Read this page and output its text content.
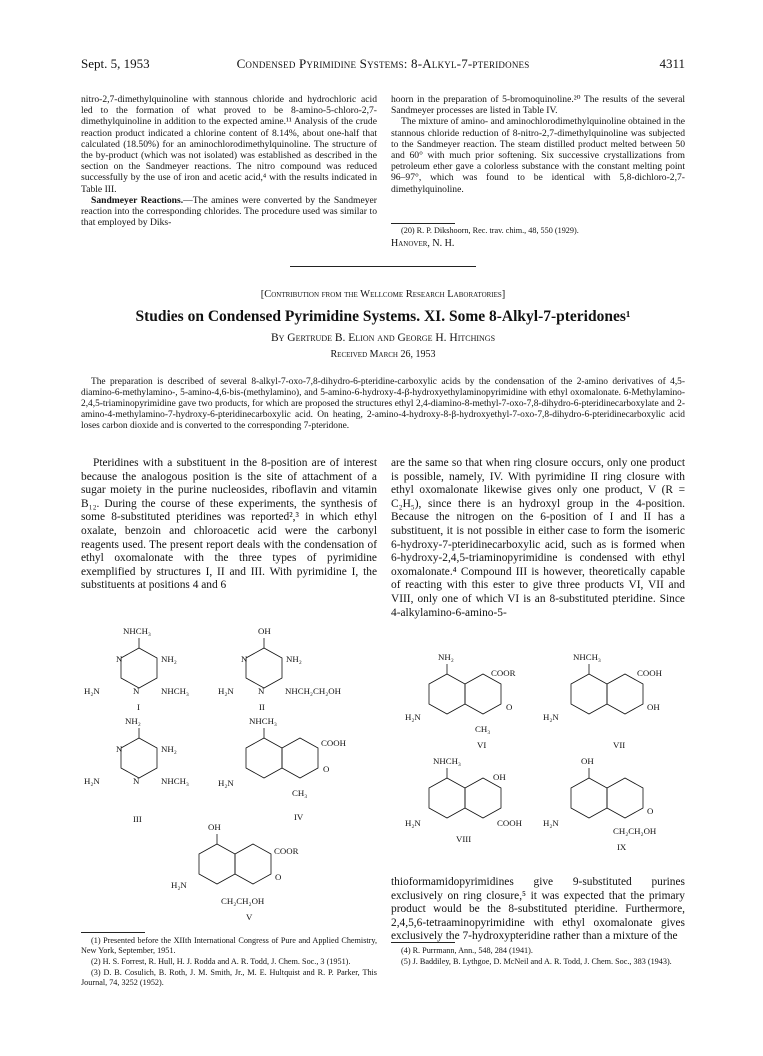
Sept. 5, 1953	Condensed Pyrimidine Systems: 8-Alkyl-7-pteridones	4311

nitro-2,7-dimethylquinoline with stannous chloride and hydrochloric acid led to the formation of what proved to be 8-amino-5-chloro-2,7-dimethylquinoline in addition to the expected amine.¹¹ Analysis of the crude reaction product indicated a chlorine content of 8.14%, about one-half that calculated (18.50%) for an aminochlorodimethylquinoline. The structure of the by-product (which was not isolated) was established as described in the section on the Sandmeyer reactions. The nitro compound was reduced successfully by the use of iron and acetic acid,⁴ with the results indicated in Table III.

Sandmeyer Reactions.—The amines were converted by the Sandmeyer reaction into the corresponding chlorides. The procedure used was similar to that employed by Diks-

hoorn in the preparation of 5-bromoquinoline.²⁰ The results of the several Sandmeyer processes are listed in Table IV.

The mixture of amino- and aminochlorodimethylquinoline obtained in the stannous chloride reduction of 8-nitro-2,7-dimethylquinoline was subjected to the Sandmeyer reaction. The steam distilled product melted between 50 and 60° with much prior softening. Six successive crystallizations from petroleum ether gave a colorless substance with the constant melting point 96–97°, which was found to be identical with 5,8-dichloro-2,7-dimethylquinoline.

(20) R. P. Dikshoorn, Rec. trav. chim., 48, 550 (1929).

Hanover, N. H.
[Contribution from the Wellcome Research Laboratories]
Studies on Condensed Pyrimidine Systems. XI. Some 8-Alkyl-7-pteridones¹
By Gertrude B. Elion and George H. Hitchings
Received March 26, 1953

The preparation is described of several 8-alkyl-7-oxo-7,8-dihydro-6-pteridine-carboxylic acids by the condensation of the 2-amino derivatives of 4,5-diamino-6-methylamino-, 5-amino-4,6-bis-(methylamino), and 5-amino-6-hydroxy-4-β-hydroxyethylaminopyrimidine with ethyl oxomalonate. 6-Methylamino-2,4,5-triaminopyrimidine gave two products, for which are proposed the structures ethyl 2,4-diamino-8-methyl-7-oxo-7,8-dihydro-6-pteridinecarboxylate and 2-amino-4-methylamino-7-hydroxy-6-pteridinecarboxylic acid. On heating, 2-amino-4-hydroxy-8-β-hydroxyethyl-7-oxo-7,8-dihydro-6-pteridinecarboxylic acid loses carbon dioxide and is converted to the corresponding 7-pteridone.

Pteridines with a substituent in the 8-position are of interest because the analogous position is the site of attachment of a sugar moiety in the purine nucleosides, riboflavin and vitamin B₁₂. During the course of these experiments, the synthesis of some 8-substituted pteridines was reported²,³ in which ethyl oxalate, benzoin and chloroacetic acid were the carbonyl reagents used. The present report deals with the condensation of ethyl oxomalonate with the three types of pyrimidine exemplified by structures I, II and III. With pyrimidine I, the substituents at positions 4 and 6

are the same so that when ring closure occurs, only one product is possible, namely, IV. With pyrimidine II ring closure with ethyl oxomalonate likewise gives only one product, V (R = C₂H₅), since there is an hydroxyl group in the 4-position. Because the nitrogen on the 6-position of I and II has a substituent, it is not possible in either case to form the isomeric 6-hydroxy-7-pteridinecarboxylic acid, such as is formed when 6-hydroxy-2,4,5-triaminopyrimidine is condensed with ethyl oxomalonate.⁴ Compound III is however, theoretically capable of reacting with this ester to give three products VI, VII and VIII, only one of which VI is an 8-substituted pteridine. Since 4-alkylamino-6-amino-5-

NHCH₃
N
N
NH₂
H₂N	NHCH₃
I
OH
N
N
NH₂
H₂N	NHCH₂CH₂OH
II
NH₂
N
N
NH₂
H₂N	NHCH₃
III
NHCH₃
H₂N
COOH
O
CH₃
IV
OH
H₂N
COOR
O
CH₂CH₂OH
V
NH₂
H₂N
COOR
O
CH₃
VI
NHCH₃
H₂N
COOH
OH
VII
NHCH₃
H₂N
OH
COOH
VIII
OH
H₂N
O
CH₂CH₂OH
IX

thioformamidopyrimidines give 9-substituted purines exclusively on ring closure,⁵ it was expected that the primary product would be the 8-substituted pteridine. Furthermore, 2,4,5,6-tetraaminopyrimidine with ethyl oxomalonate gives exclusively the 7-hydroxypteridine rather than a mixture of the

(1) Presented before the XIIth International Congress of Pure and Applied Chemistry, New York, September, 1951.

(2) H. S. Forrest, R. Hull, H. J. Rodda and A. R. Todd, J. Chem. Soc., 3 (1951).

(3) D. B. Cosulich, B. Roth, J. M. Smith, Jr., M. E. Hultquist and R. P. Parker, This Journal, 74, 3252 (1952).

(4) R. Purrmann, Ann., 548, 284 (1941).

(5) J. Baddiley, B. Lythgoe, D. McNeil and A. R. Todd, J. Chem. Soc., 383 (1943).
